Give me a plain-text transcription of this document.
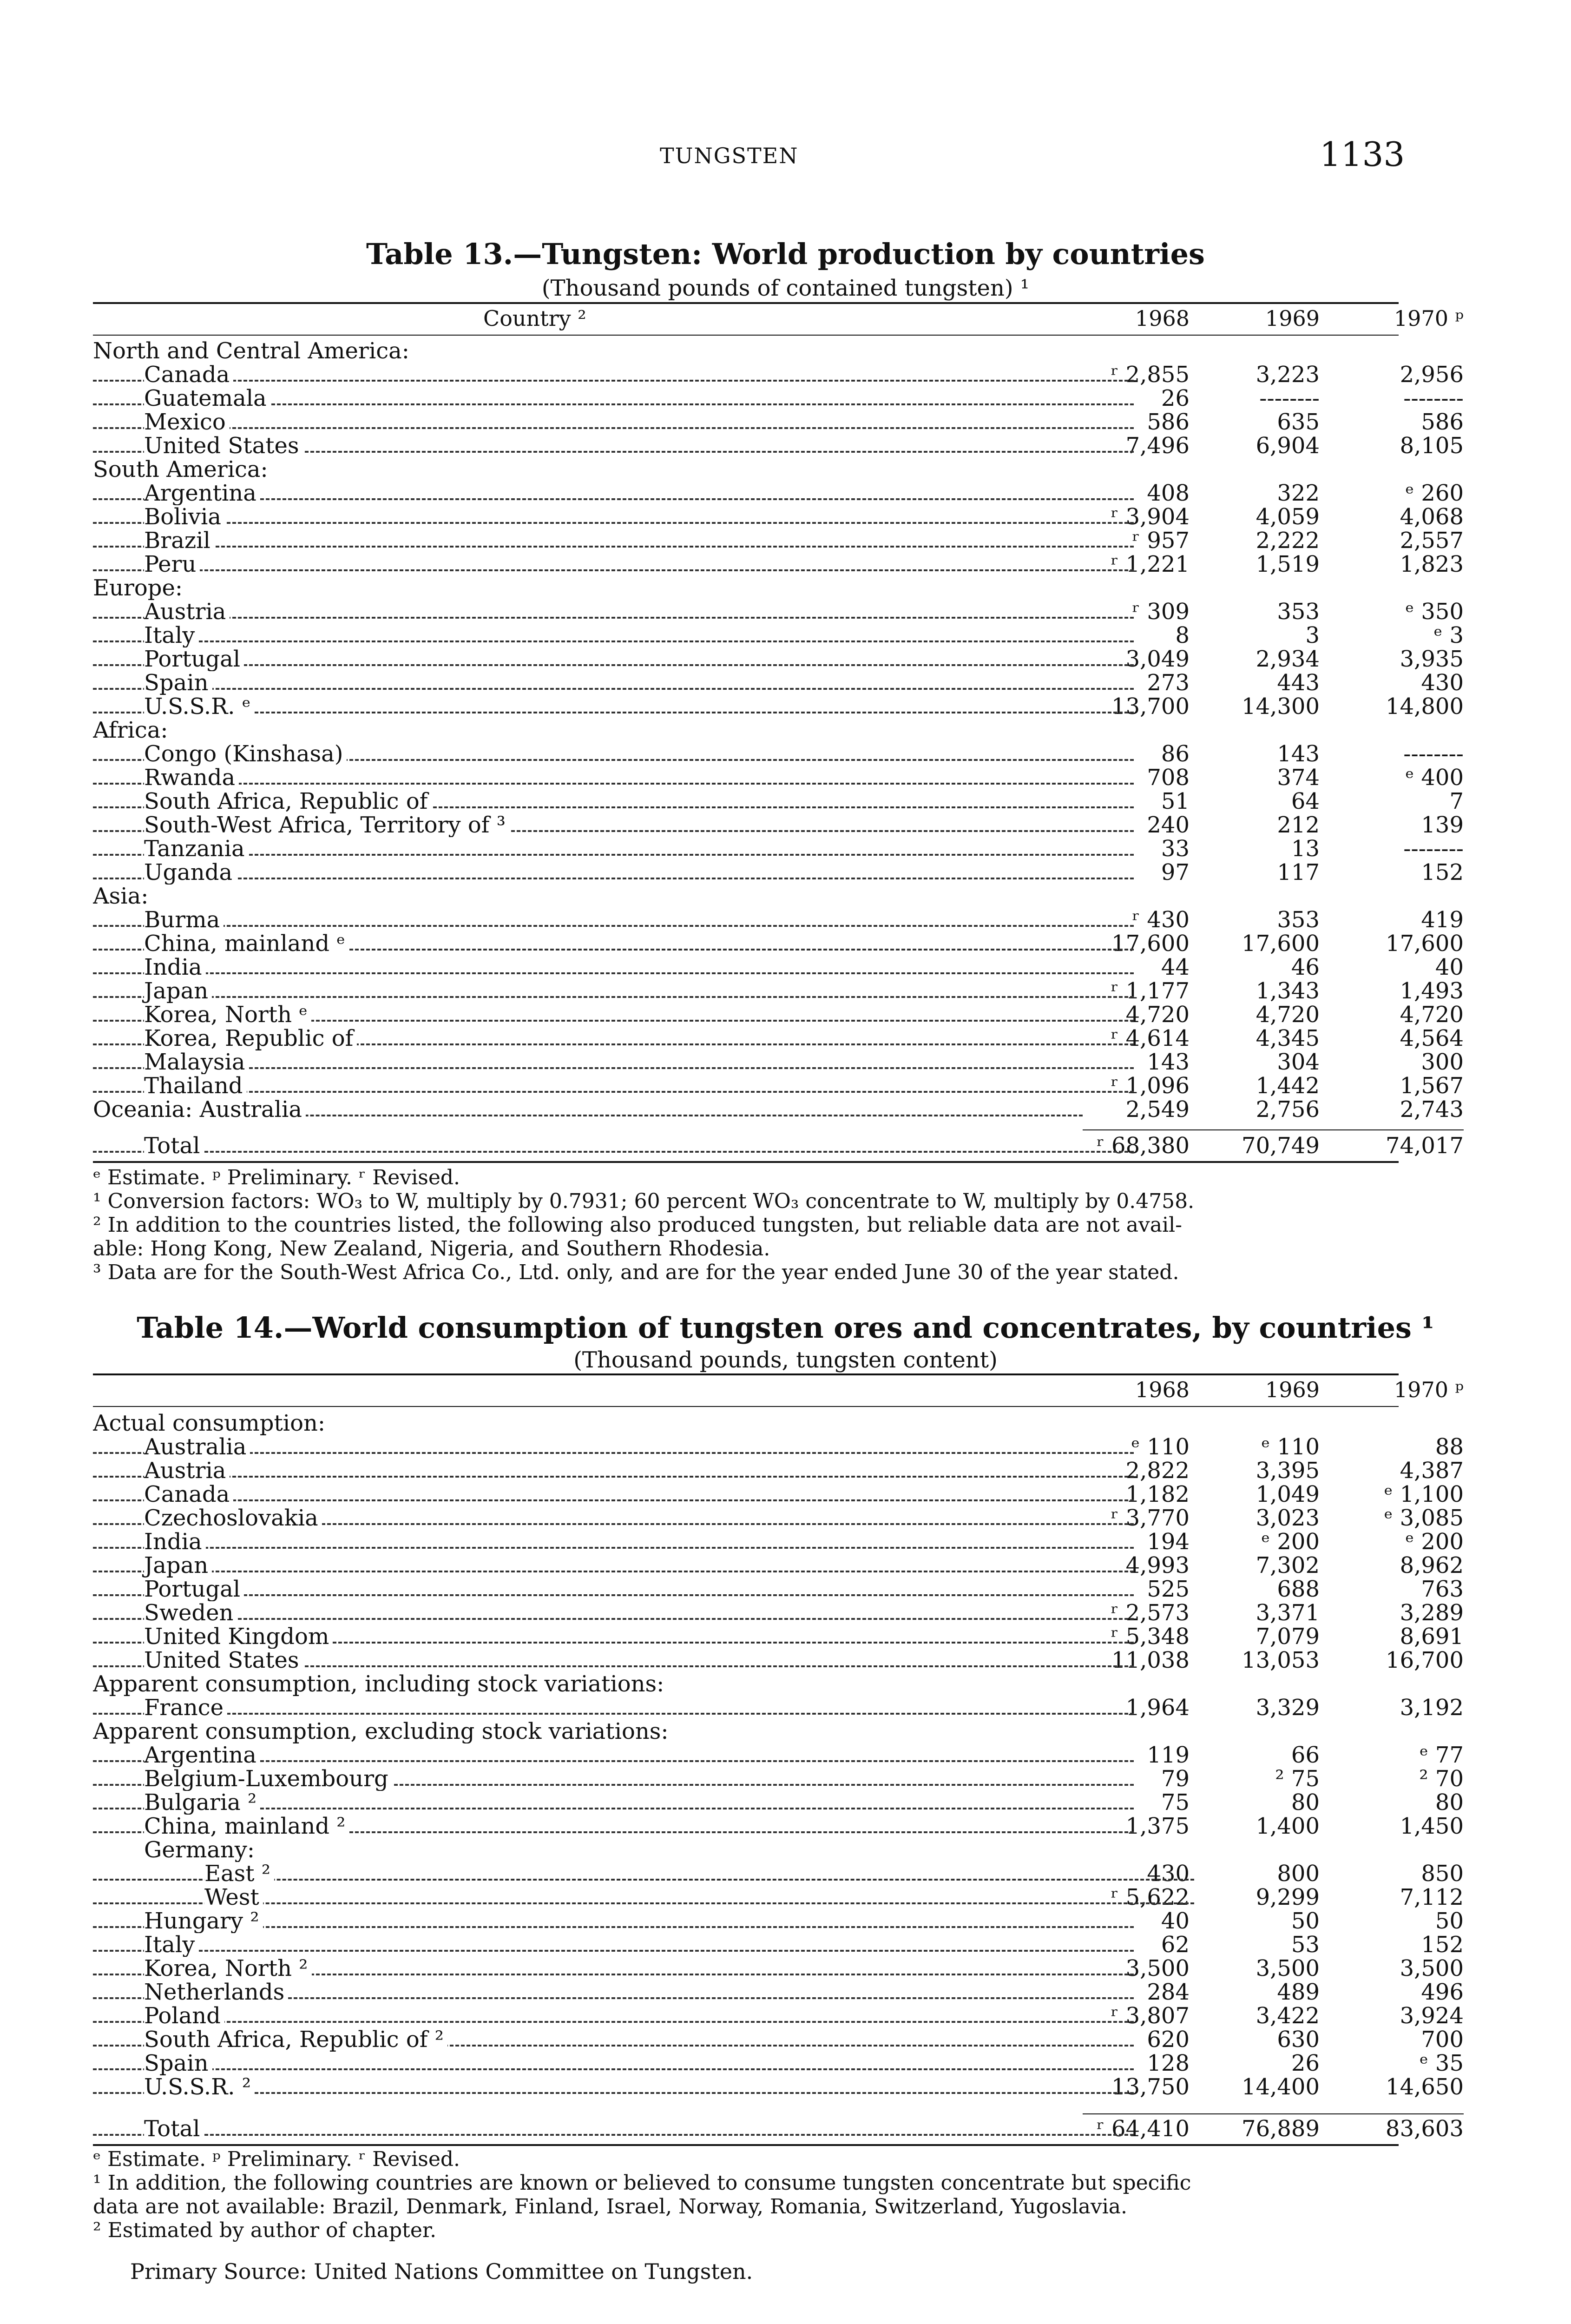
TUNGSTEN	1133
Table 13.—Tungsten: World production by countries
(Thousand pounds of contained tungsten) ¹
Country ²	1968	1969	1970 ᵖ
North and Central America:
Canada	ʳ 2,855	3,223	2,956
Guatemala	26	--------	--------
Mexico	586	635	586
United States	7,496	6,904	8,105
South America:
Argentina	408	322	ᵉ 260
Bolivia	ʳ 3,904	4,059	4,068
Brazil	ʳ 957	2,222	2,557
Peru	ʳ 1,221	1,519	1,823
Europe:
Austria	ʳ 309	353	ᵉ 350
Italy	8	3	ᵉ 3
Portugal	3,049	2,934	3,935
Spain	273	443	430
U.S.S.R. ᵉ	13,700	14,300	14,800
Africa:
Congo (Kinshasa)	86	143	--------
Rwanda	708	374	ᵉ 400
South Africa, Republic of	51	64	7
South-West Africa, Territory of ³	240	212	139
Tanzania	33	13	--------
Uganda	97	117	152
Asia:
Burma	ʳ 430	353	419
China, mainland ᵉ	17,600	17,600	17,600
India	44	46	40
Japan	ʳ 1,177	1,343	1,493
Korea, North ᵉ	4,720	4,720	4,720
Korea, Republic of	ʳ 4,614	4,345	4,564
Malaysia	143	304	300
Thailand	ʳ 1,096	1,442	1,567
Oceania: Australia	2,549	2,756	2,743
Total	ʳ 68,380	70,749	74,017
ᵉ Estimate. ᵖ Preliminary. ʳ Revised.
¹ Conversion factors: WO₃ to W, multiply by 0.7931; 60 percent WO₃ concentrate to W, multiply by 0.4758.
² In addition to the countries listed, the following also produced tungsten, but reliable data are not avail-
able: Hong Kong, New Zealand, Nigeria, and Southern Rhodesia.
³ Data are for the South-West Africa Co., Ltd. only, and are for the year ended June 30 of the year stated.
Table 14.—World consumption of tungsten ores and concentrates, by countries ¹
(Thousand pounds, tungsten content)
1968	1969	1970 ᵖ
Actual consumption:
Australia	ᵉ 110	ᵉ 110	88
Austria	2,822	3,395	4,387
Canada	1,182	1,049	ᵉ 1,100
Czechoslovakia	ʳ 3,770	3,023	ᵉ 3,085
India	194	ᵉ 200	ᵉ 200
Japan	4,993	7,302	8,962
Portugal	525	688	763
Sweden	ʳ 2,573	3,371	3,289
United Kingdom	ʳ 5,348	7,079	8,691
United States	11,038	13,053	16,700
Apparent consumption, including stock variations:
France	1,964	3,329	3,192
Apparent consumption, excluding stock variations:
Argentina	119	66	ᵉ 77
Belgium-Luxembourg	79	² 75	² 70
Bulgaria ²	75	80	80
China, mainland ²	1,375	1,400	1,450
Germany:
East ²	430	800	850
West	ʳ 5,622	9,299	7,112
Hungary ²	40	50	50
Italy	62	53	152
Korea, North ²	3,500	3,500	3,500
Netherlands	284	489	496
Poland	ʳ 3,807	3,422	3,924
South Africa, Republic of ²	620	630	700
Spain	128	26	ᵉ 35
U.S.S.R. ²	13,750	14,400	14,650
Total	ʳ 64,410	76,889	83,603
ᵉ Estimate. ᵖ Preliminary. ʳ Revised.
¹ In addition, the following countries are known or believed to consume tungsten concentrate but specific
data are not available: Brazil, Denmark, Finland, Israel, Norway, Romania, Switzerland, Yugoslavia.
² Estimated by author of chapter.
Primary Source: United Nations Committee on Tungsten.
